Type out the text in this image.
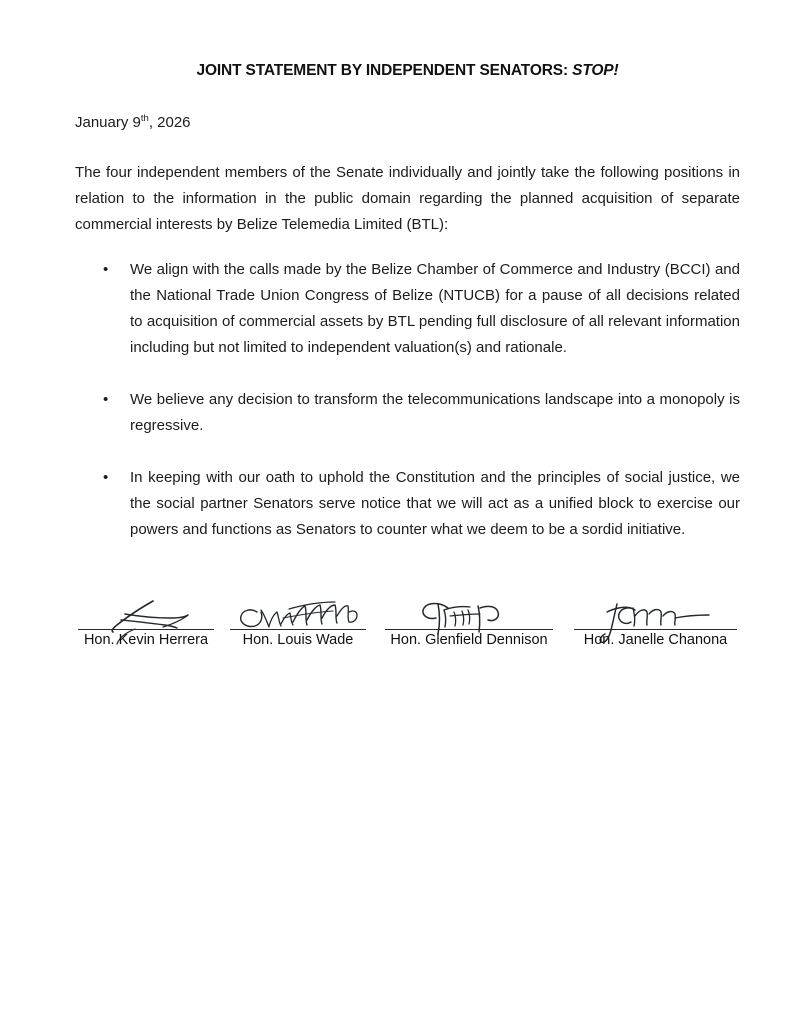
JOINT STATEMENT BY INDEPENDENT SENATORS: STOP!
January 9th, 2026
The four independent members of the Senate individually and jointly take the following positions in relation to the information in the public domain regarding the planned acquisition of separate commercial interests by Belize Telemedia Limited (BTL):
•	We align with the calls made by the Belize Chamber of Commerce and Industry (BCCI) and the National Trade Union Congress of Belize (NTUCB) for a pause of all decisions related to acquisition of commercial assets by BTL pending full disclosure of all relevant information including but not limited to independent valuation(s) and rationale.
•	We believe any decision to transform the telecommunications landscape into a monopoly is regressive.
•	In keeping with our oath to uphold the Constitution and the principles of social justice, we the social partner Senators serve notice that we will act as a unified block to exercise our powers and functions as Senators to counter what we deem to be a sordid initiative.
Hon. Kevin Herrera	Hon. Louis Wade	Hon. Glenfield Dennison	Hon. Janelle Chanona
